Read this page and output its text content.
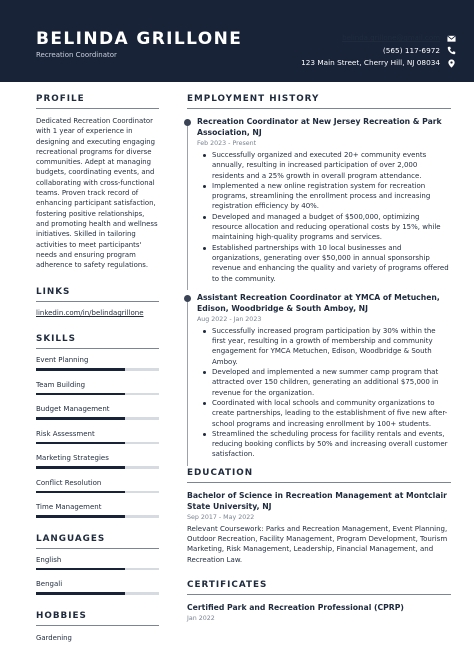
BELINDA GRILLONE
Recreation Coordinator
belinda.grillone@gmail.com
(565) 117-6972
123 Main Street, Cherry Hill, NJ 08034
PROFILE
Dedicated Recreation Coordinator with 1 year of experience in designing and executing engaging recreational programs for diverse communities. Adept at managing budgets, coordinating events, and collaborating with cross-functional teams. Proven track record of enhancing participant satisfaction, fostering positive relationships, and promoting health and wellness initiatives. Skilled in tailoring activities to meet participants' needs and ensuring program adherence to safety regulations.
LINKS
linkedin.com/in/belindagrillone
SKILLS
Event Planning
Team Building
Budget Management
Risk Assessment
Marketing Strategies
Conflict Resolution
Time Management
LANGUAGES
English
Bengali
HOBBIES
Gardening
EMPLOYMENT HISTORY
Recreation Coordinator at New Jersey Recreation & Park Association, NJ
Feb 2023 - Present
Successfully organized and executed 20+ community events annually, resulting in increased participation of over 2,000 residents and a 25% growth in overall program attendance.
Implemented a new online registration system for recreation programs, streamlining the enrollment process and increasing registration efficiency by 40%.
Developed and managed a budget of $500,000, optimizing resource allocation and reducing operational costs by 15%, while maintaining high-quality programs and services.
Established partnerships with 10 local businesses and organizations, generating over $50,000 in annual sponsorship revenue and enhancing the quality and variety of programs offered to the community.
Assistant Recreation Coordinator at YMCA of Metuchen, Edison, Woodbridge & South Amboy, NJ
Aug 2022 - Jan 2023
Successfully increased program participation by 30% within the first year, resulting in a growth of membership and community engagement for YMCA Metuchen, Edison, Woodbridge & South Amboy.
Developed and implemented a new summer camp program that attracted over 150 children, generating an additional $75,000 in revenue for the organization.
Coordinated with local schools and community organizations to create partnerships, leading to the establishment of five new after-school programs and increasing enrollment by 100+ students.
Streamlined the scheduling process for facility rentals and events, reducing booking conflicts by 50% and increasing overall customer satisfaction.
EDUCATION
Bachelor of Science in Recreation Management at Montclair State University, NJ
Sep 2017 - May 2022
Relevant Coursework: Parks and Recreation Management, Event Planning, Outdoor Recreation, Facility Management, Program Development, Tourism Marketing, Risk Management, Leadership, Financial Management, and Recreation Law.
CERTIFICATES
Certified Park and Recreation Professional (CPRP)
Jan 2022
